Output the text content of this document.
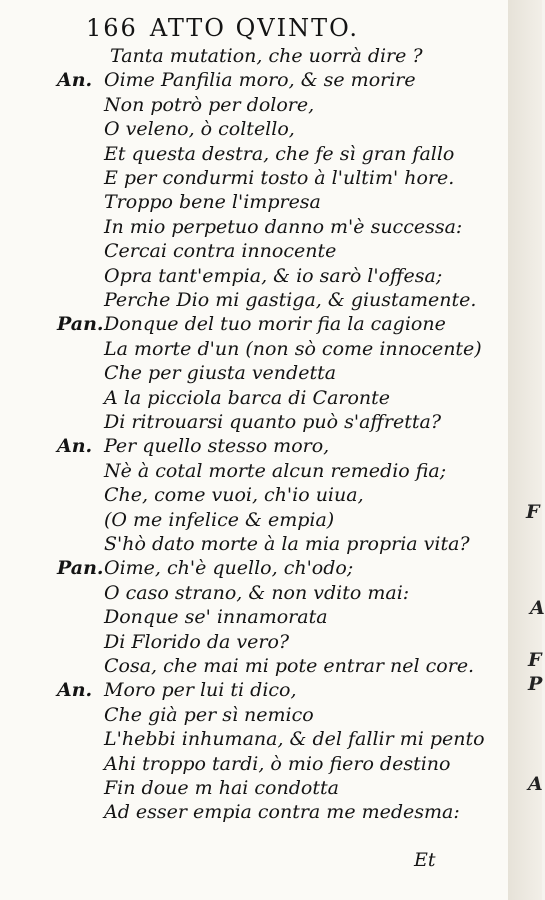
166 ATTO QVINTO.
Tanta mutation, che uorrà dire ?
An. Oime Panfilia moro, & se morire
Non potrò per dolore,
O veleno, ò coltello,
Et questa destra, che fe sì gran fallo
E per condurmi tosto à l'ultim' hore.
Troppo bene l'impresa
In mio perpetuo danno m'è successa:
Cercai contra innocente
Opra tant'empia, & io sarò l'offesa;
Perche Dio mi gastiga, & giustamente.
Pan. Donque del tuo morir fia la cagione
La morte d'un (non sò come innocente)
Che per giusta vendetta
A la picciola barca di Caronte
Di ritrouarsi quanto può s'affretta?
An. Per quello stesso moro,
Nè à cotal morte alcun remedio fia;
Che, come vuoi, ch'io uiua,
(O me infelice & empia)
S'hò dato morte à la mia propria vita?
Pan. Oime, ch'è quello, ch'odo;
O caso strano, & non vdito mai:
Donque se' innamorata
Di Florido da vero?
Cosa, che mai mi pote entrar nel core.
An. Moro per lui ti dico,
Che già per sì nemico
L'hebbi inhumana, & del fallir mi pento
Ahi troppo tardi, ò mio fiero destino
Fin doue m hai condotta
Ad esser empia contra me medesma:
Et
F
A
F
P
A
